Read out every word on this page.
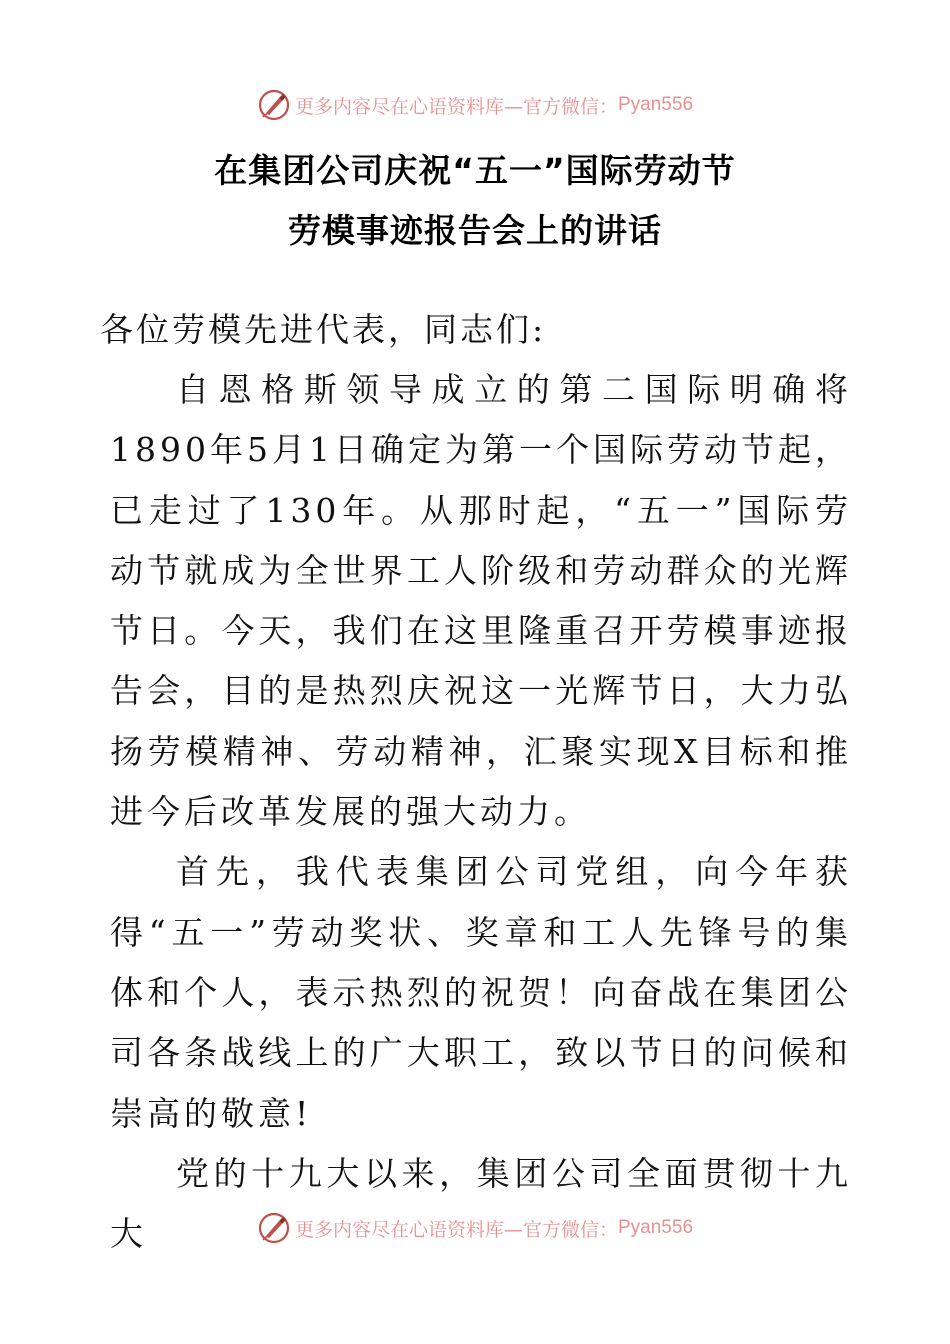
更多内容尽在心语资料库—官方微信： Pyan556
在集团公司庆祝“五一”国际劳动节
劳模事迹报告会上的讲话
各位劳模先进代表，同志们:

自恩格斯领导成立的第二国际明确将1890年5月1日确定为第一个国际劳动节起，已走过了130年。从那时起，“五一”国际劳动节就成为全世界工人阶级和劳动群众的光辉节日。今天，我们在这里隆重召开劳模事迹报告会，目的是热烈庆祝这一光辉节日，大力弘扬劳模精神、劳动精神，汇聚实现X目标和推进今后改革发展的强大动力。

首先，我代表集团公司党组，向今年获得“五一”劳动奖状、奖章和工人先锋号的集体和个人，表示热烈的祝贺！向奋战在集团公司各条战线上的广大职工，致以节日的问候和崇高的敬意!

党的十九大以来，集团公司全面贯彻十九大	更多内容尽在心语资料库—官方微信： Pyan556
